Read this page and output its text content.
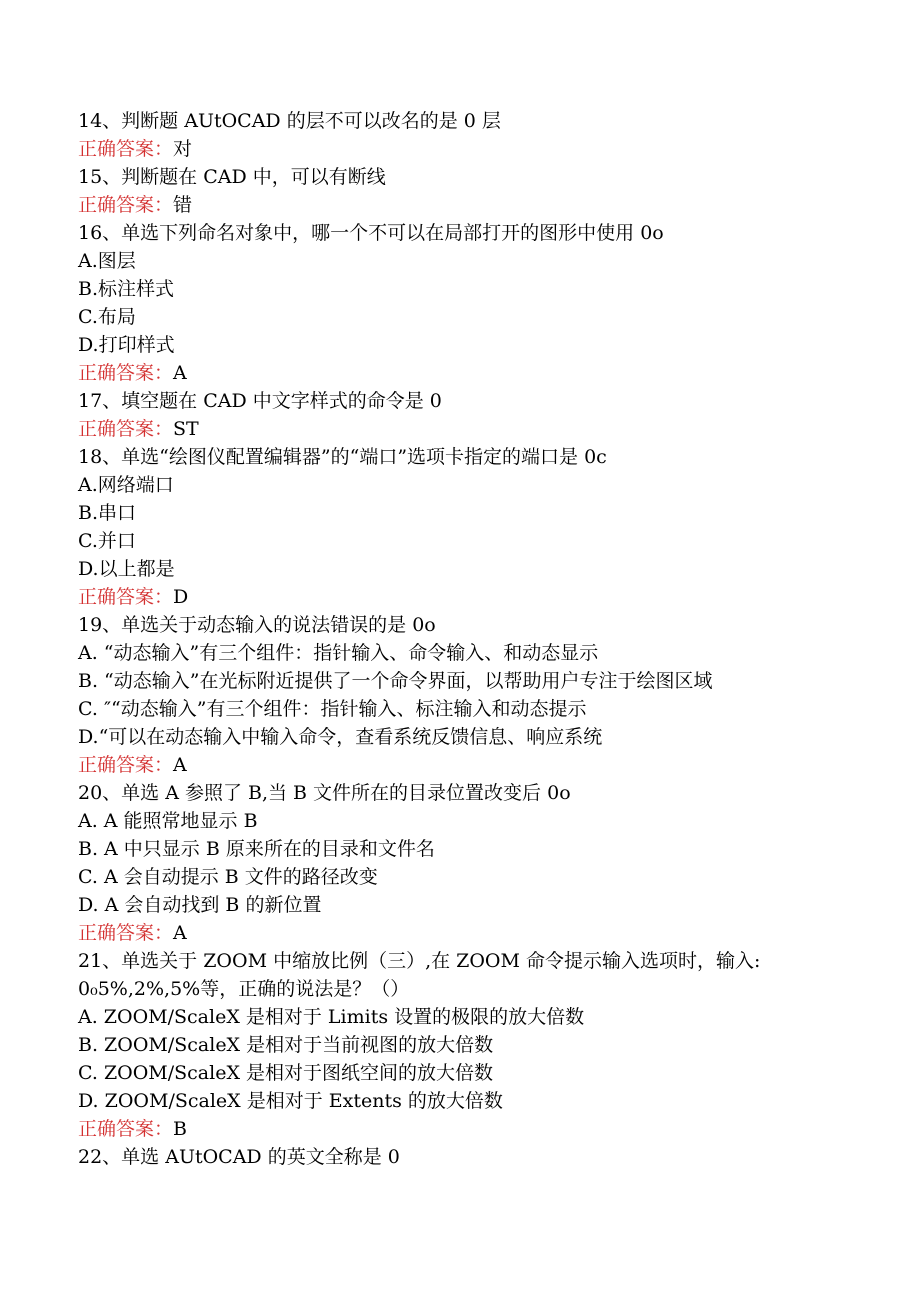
14、判断题 AUtOCAD 的层不可以改名的是 0 层
正确答案：对
15、判断题在 CAD 中，可以有断线
正确答案：错
16、单选下列命名对象中，哪一个不可以在局部打开的图形中使用 0o
A.图层
B.标注样式
C.布局
D.打印样式
正确答案：A
17、填空题在 CAD 中文字样式的命令是 0
正确答案：ST
18、单选“绘图仪配置编辑器”的“端口”选项卡指定的端口是 0c
A.网络端口
B.串口
C.并口
D.以上都是
正确答案：D
19、单选关于动态输入的说法错误的是 0o
A. “动态输入”有三个组件：指针输入、命令输入、和动态显示
B. “动态输入”在光标附近提供了一个命令界面，以帮助用户专注于绘图区域
C. ″“动态输入”有三个组件：指针输入、标注输入和动态提示
D.“可以在动态输入中输入命令，查看系统反馈信息、响应系统
正确答案：A
20、单选 A 参照了 B,当 B 文件所在的目录位置改变后 0o
A. A 能照常地显示 B
B. A 中只显示 B 原来所在的目录和文件名
C. A 会自动提示 B 文件的路径改变
D. A 会自动找到 B 的新位置
正确答案：A
21、单选关于 ZOOM 中缩放比例（三）,在 ZOOM 命令提示输入选项时，输入:
0₀5%,2%,5%等，正确的说法是？（）
A. ZOOM/ScaleX 是相对于 Limits 设置的极限的放大倍数
B. ZOOM/ScaleX 是相对于当前视图的放大倍数
C. ZOOM/ScaleX 是相对于图纸空间的放大倍数
D. ZOOM/ScaleX 是相对于 Extents 的放大倍数
正确答案：B
22、单选 AUtOCAD 的英文全称是 0
